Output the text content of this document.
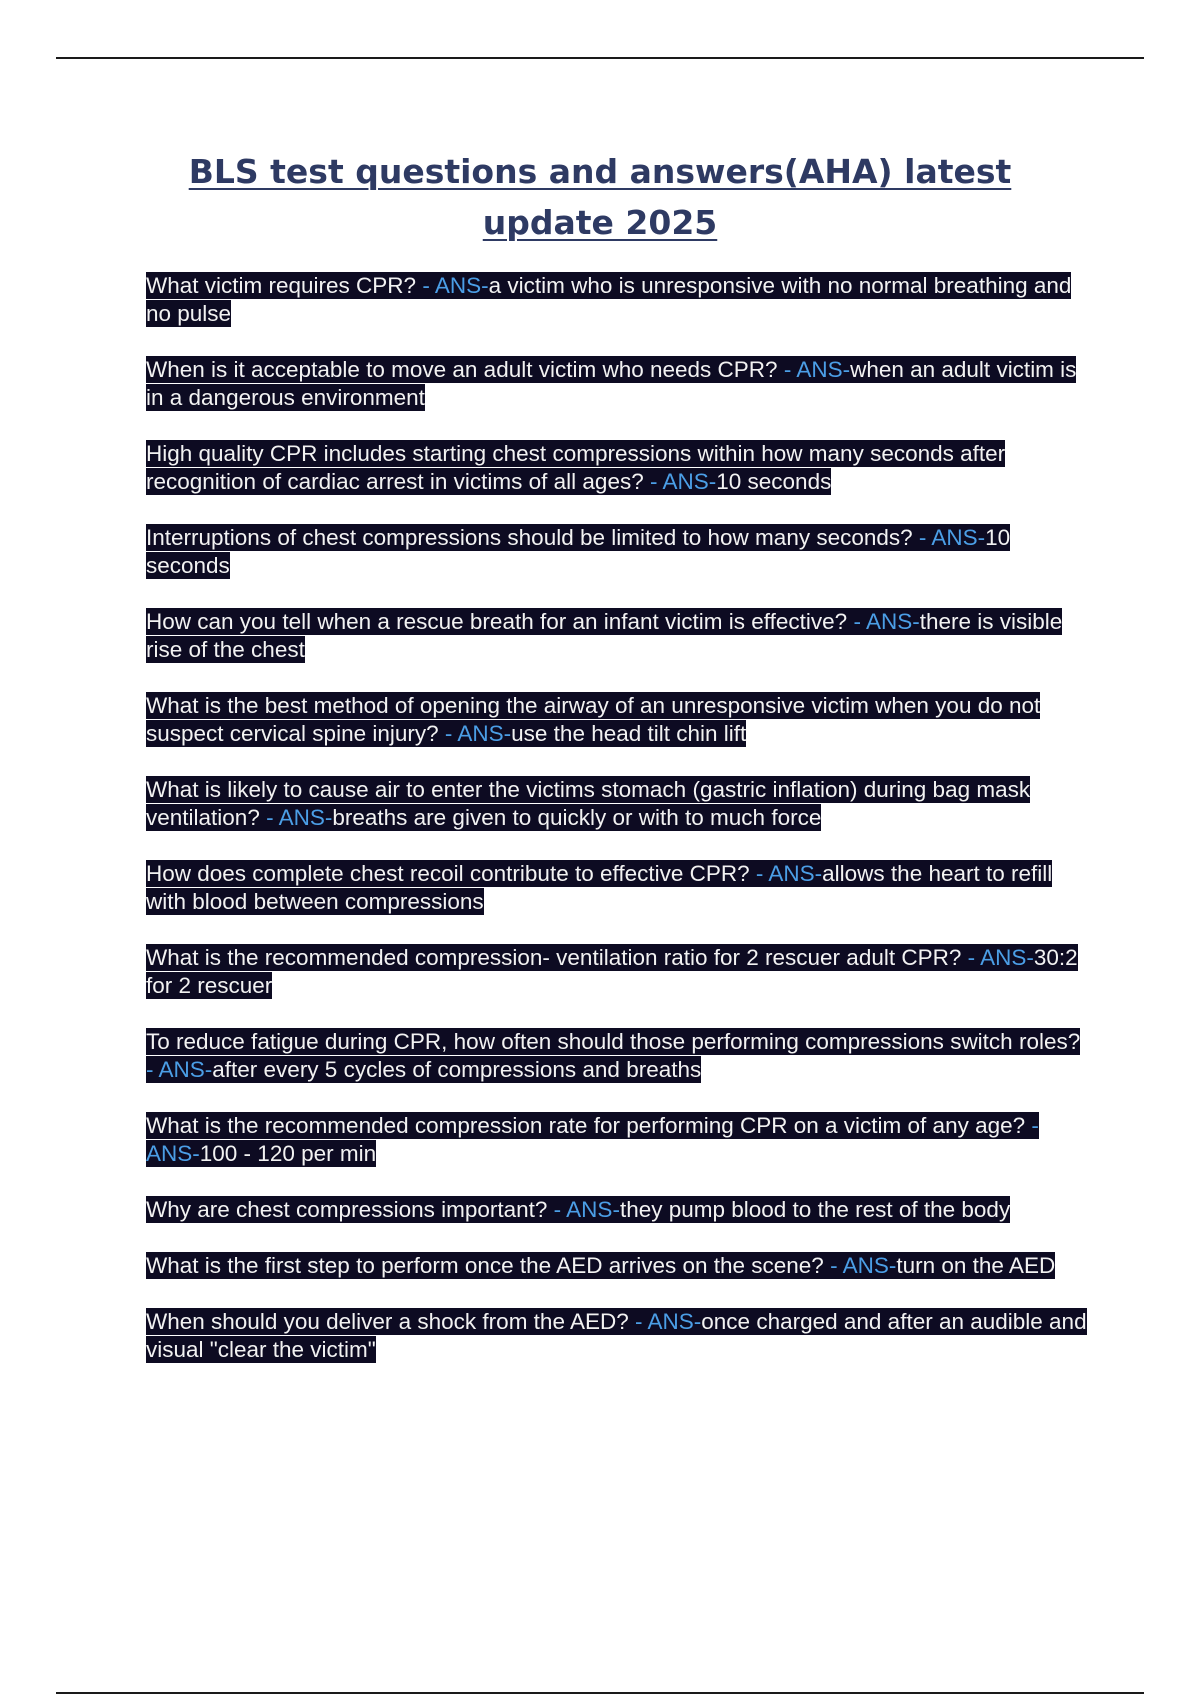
BLS test questions and answers(AHA) latest update 2025
What victim requires CPR? - ANS-a victim who is unresponsive with no normal breathing and no pulse
When is it acceptable to move an adult victim who needs CPR? - ANS-when an adult victim is in a dangerous environment
High quality CPR includes starting chest compressions within how many seconds after recognition of cardiac arrest in victims of all ages? - ANS-10 seconds
Interruptions of chest compressions should be limited to how many seconds? - ANS-10 seconds
How can you tell when a rescue breath for an infant victim is effective? - ANS-there is visible rise of the chest
What is the best method of opening the airway of an unresponsive victim when you do not suspect cervical spine injury? - ANS-use the head tilt chin lift
What is likely to cause air to enter the victims stomach (gastric inflation) during bag mask ventilation? - ANS-breaths are given to quickly or with to much force
How does complete chest recoil contribute to effective CPR? - ANS-allows the heart to refill with blood between compressions
What is the recommended compression- ventilation ratio for 2 rescuer adult CPR? - ANS-30:2 for 2 rescuer
To reduce fatigue during CPR, how often should those performing compressions switch roles? - ANS-after every 5 cycles of compressions and breaths
What is the recommended compression rate for performing CPR on a victim of any age? - ANS-100 - 120 per min
Why are chest compressions important? - ANS-they pump blood to the rest of the body
What is the first step to perform once the AED arrives on the scene? - ANS-turn on the AED
When should you deliver a shock from the AED? - ANS-once charged and after an audible and visual "clear the victim"
